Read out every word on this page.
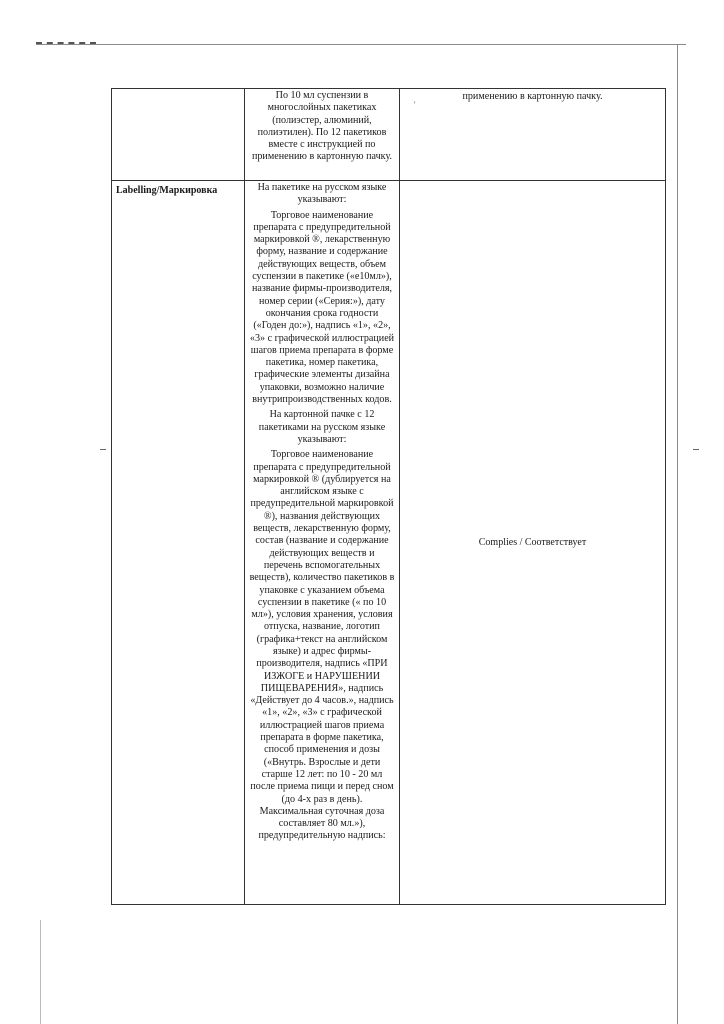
	По 10 мл суспензии в многослойных пакетиках (полиэстер, алюминий, полиэтилен). По 12 пакетиков вместе с инструкцией по применению в картонную пачку.	применению в картонную пачку.
'

Labelling/Маркировка	На пакетике на русском языке указывают:
Торговое наименование препарата с предупредительной маркировкой ®, лекарственную форму, название и содержание действующих веществ, объем суспензии в пакетике («е10мл»), название фирмы-производителя, номер серии («Серия:»), дату окончания срока годности («Годен до:»), надпись «1», «2», «3» с графической иллюстрацией шагов приема препарата в форме пакетика, номер пакетика, графические элементы дизайна упаковки, возможно наличие внутрипроизводственных кодов.
На картонной пачке с 12 пакетиками на русском языке указывают:
Торговое наименование препарата с предупредительной маркировкой ® (дублируется на английском языке с предупредительной маркировкой ®), названия действующих веществ, лекарственную форму, состав (название и содержание действующих веществ и перечень вспомогательных веществ), количество пакетиков в упаковке с указанием объема суспензии в пакетике (« по 10 мл»), условия хранения, условия отпуска, название, логотип (графика+текст на английском языке) и адрес фирмы-производителя, надпись «ПРИ ИЗЖОГЕ и НАРУШЕНИИ ПИЩЕВАРЕНИЯ», надпись «Действует до 4 часов.», надпись «1», «2», «3» с графической иллюстрацией шагов приема препарата в форме пакетика, способ применения и дозы («Внутрь. Взрослые и дети старше 12 лет: по 10 - 20 мл после приема пищи и перед сном (до 4-х раз в день). Максимальная суточная доза составляет 80 мл.»), предупредительную надпись:	Complies / Соответствует
